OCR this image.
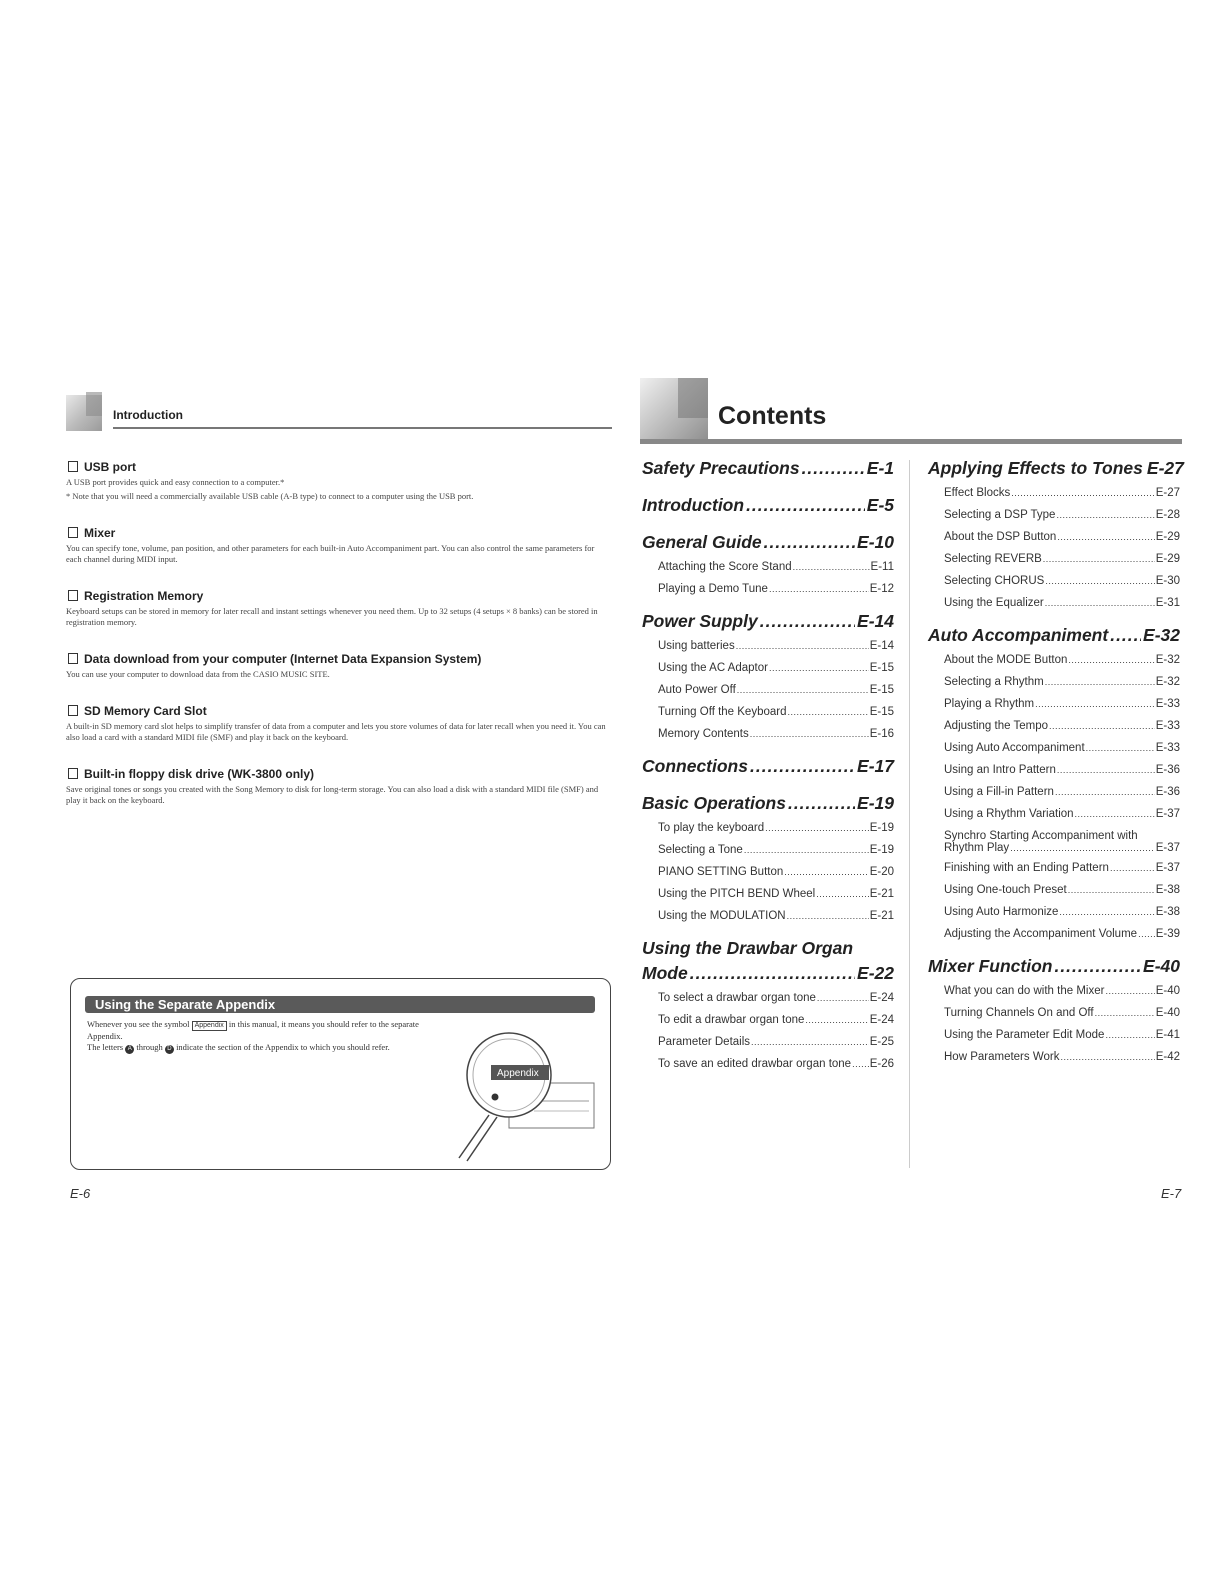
Introduction
USB port

A USB port provides quick and easy connection to a computer.*

* Note that you will need a commercially available USB cable (A-B type) to connect to a computer using the USB port.

Mixer

You can specify tone, volume, pan position, and other parameters for each built-in Auto Accompaniment part. You can also control the same parameters for each channel during MIDI input.

Registration Memory

Keyboard setups can be stored in memory for later recall and instant settings whenever you need them. Up to 32 setups (4 setups × 8 banks) can be stored in registration memory.

Data download from your computer (Internet Data Expansion System)

You can use your computer to download data from the CASIO MUSIC SITE.

SD Memory Card Slot

A built-in SD memory card slot helps to simplify transfer of data from a computer and lets you store volumes of data for later recall when you need it. You can also load a card with a standard MIDI file (SMF) and play it back on the keyboard.

Built-in floppy disk drive (WK-3800 only)

Save original tones or songs you created with the Song Memory to disk for long-term storage. You can also load a disk with a standard MIDI file (SMF) and play it back on the keyboard.

Using the Separate Appendix
Whenever you see the symbol Appendix in this manual, it means you should refer to the separate Appendix.
The letters A through D indicate the section of the Appendix to which you should refer.
Appendix
E-6
Contents
Safety Precautions .....	E-1
Introduction .....	E-5
General Guide .....	E-10
Attaching the Score Stand .....	E-11
Playing a Demo Tune .....	E-12
Power Supply .....	E-14
Using batteries .....	E-14
Using the AC Adaptor .....	E-15
Auto Power Off .....	E-15
Turning Off the Keyboard .....	E-15
Memory Contents .....	E-16
Connections .....	E-17
Basic Operations .....	E-19
To play the keyboard .....	E-19
Selecting a Tone .....	E-19
PIANO SETTING Button .....	E-20
Using the PITCH BEND Wheel .....	E-21
Using the MODULATION .....	E-21
Using the Drawbar Organ
Mode .....	E-22
To select a drawbar organ tone .....	E-24
To edit a drawbar organ tone .....	E-24
Parameter Details .....	E-25
To save an edited drawbar organ tone ..... E-26
Applying Effects to Tones E-27
Effect Blocks .....	E-27
Selecting a DSP Type .....	E-28
About the DSP Button .....	E-29
Selecting REVERB .....	E-29
Selecting CHORUS .....	E-30
Using the Equalizer .....	E-31
Auto Accompaniment ..... E-32
About the MODE Button .....	E-32
Selecting a Rhythm .....	E-32
Playing a Rhythm .....	E-33
Adjusting the Tempo .....	E-33
Using Auto Accompaniment .....	E-33
Using an Intro Pattern .....	E-36
Using a Fill-in Pattern .....	E-36
Using a Rhythm Variation .....	E-37
Synchro Starting Accompaniment with
Rhythm Play .....	E-37
Finishing with an Ending Pattern .....	E-37
Using One-touch Preset .....	E-38
Using Auto Harmonize .....	E-38
Adjusting the Accompaniment Volume ..... E-39
Mixer Function .....	E-40
What you can do with the Mixer .....	E-40
Turning Channels On and Off .....	E-40
Using the Parameter Edit Mode .....	E-41
How Parameters Work .....	E-42
E-7
